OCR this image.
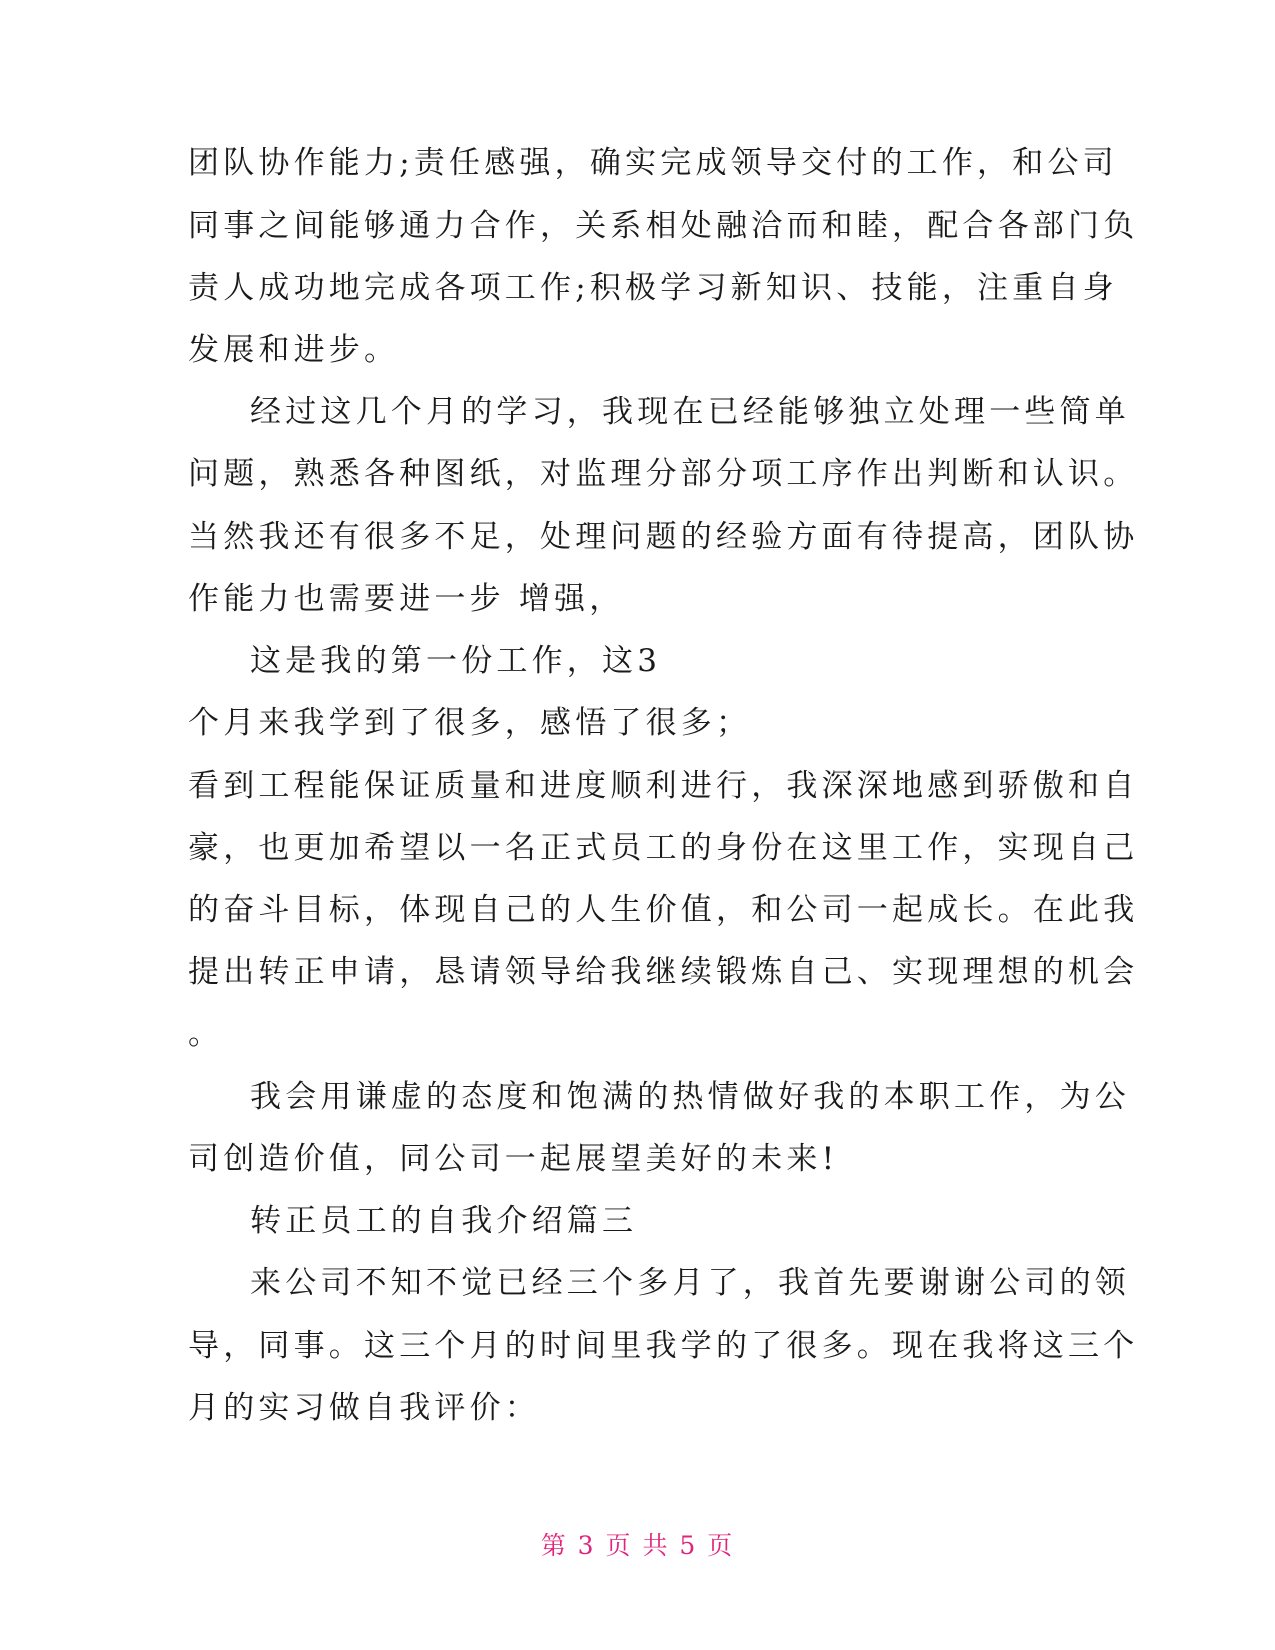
团队协作能力;责任感强，确实完成领导交付的工作，和公司
同事之间能够通力合作，关系相处融洽而和睦，配合各部门负
责人成功地完成各项工作;积极学习新知识、技能，注重自身
发展和进步。
经过这几个月的学习，我现在已经能够独立处理一些简单
问题，熟悉各种图纸，对监理分部分项工序作出判断和认识。
当然我还有很多不足，处理问题的经验方面有待提高，团队协
作能力也需要进一步 增强，
这是我的第一份工作，这3
个月来我学到了很多，感悟了很多；
看到工程能保证质量和进度顺利进行，我深深地感到骄傲和自
豪，也更加希望以一名正式员工的身份在这里工作，实现自己
的奋斗目标，体现自己的人生价值，和公司一起成长。在此我
提出转正申请，恳请领导给我继续锻炼自己、实现理想的机会
。
我会用谦虚的态度和饱满的热情做好我的本职工作，为公
司创造价值，同公司一起展望美好的未来!
转正员工的自我介绍篇三
来公司不知不觉已经三个多月了，我首先要谢谢公司的领
导，同事。这三个月的时间里我学的了很多。现在我将这三个
月的实习做自我评价：
第 3 页 共 5 页
